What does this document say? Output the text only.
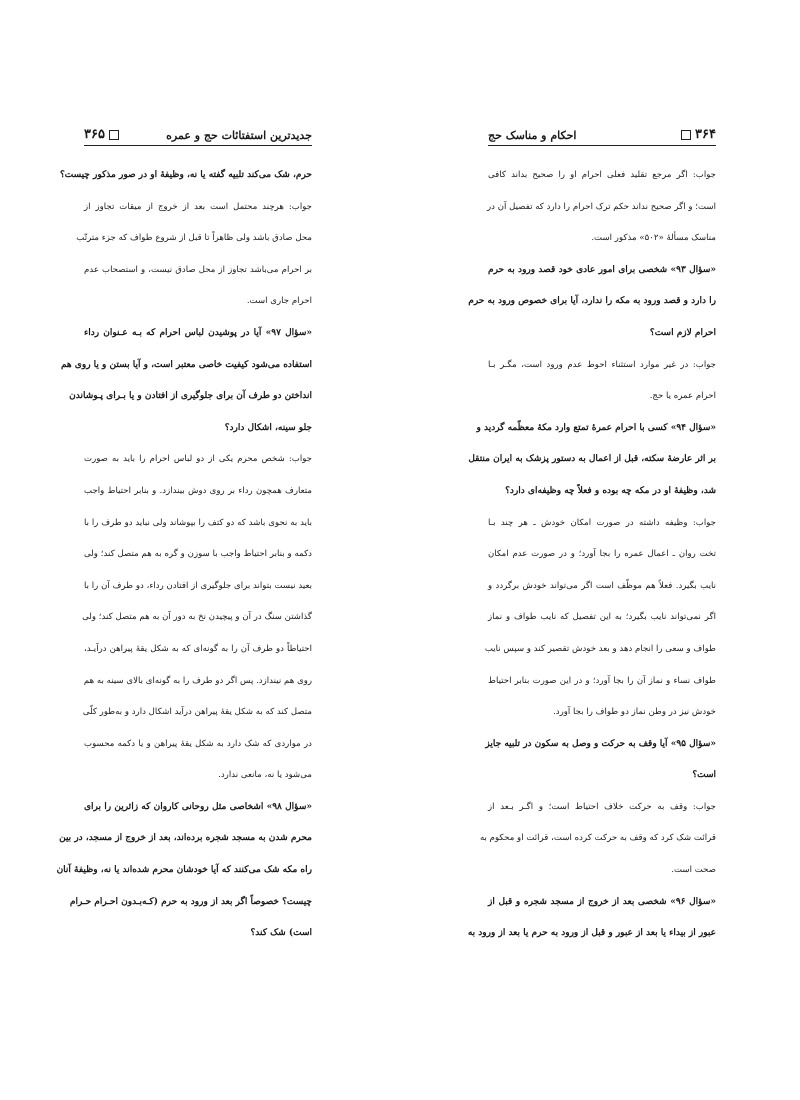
جدیدترین استفتائات حج و عمره
۳۶۵
حرم، شک می‌کند تلبیه گفته یا نه، وظیفهٔ او در صور مذکور چیست؟
جواب: هرچند محتمل است بعد از خروج از میقات تجاوز از
محل صادق باشد ولی ظاهراً تا قبل از شروع طواف که جزء مترتّب
بر احرام می‌باشد تجاوز از محل صادق نیست، و استصحاب عدم
احرام جاری است.
«سؤال ۹۷» آیا در پوشیدن لباس احرام که بـه عـنوان رداء
استفاده می‌شود کیفیت خاصی معتبر است، و آیا بستن و یا روی هم
انداختن دو طرف آن برای جلوگیری از افتادن و یا بـرای پـوشاندن
جلو سینه، اشکال دارد؟
جواب: شخص محرم یکی از دو لباس احرام را باید به صورت
متعارف همچون رداء بر روی دوش بیندازد. و بنابر احتیاط واجب
باید به نحوی باشد که دو کتف را بپوشاند ولی نباید دو طرف را با
دکمه و بنابر احتیاط واجب با سوزن و گره به هم متصل کند؛ ولی
بعید نیست بتواند برای جلوگیری از افتادن رداء، دو طرف آن را با
گذاشتن سنگ در آن و پیچیدن نخ به دور آن به هم متصل کند؛ ولی
احتیاطاً دو طرف آن را به گونه‌ای که به شکل یقهٔ پیراهن درآیـد،
روی هم نیندازد. پس اگر دو طرف را به گونه‌ای بالای سینه به هم
متصل کند که به شکل یقهٔ پیراهن درآید اشکال دارد و به‌طور کلّی
در مواردی که شک دارد به شکل یقهٔ پیراهن و یا دکمه محسوب
می‌شود یا نه، مانعی ندارد.
«سؤال ۹۸» اشخاصی مثل روحانی کاروان که زائرین را برای
محرم شدن به مسجد شجره برده‌اند، بعد از خروج از مسجد، در بین
راه مکه شک می‌کنند که آیا خودشان محرم شده‌اند یا نه، وظیفهٔ آنان
چیست؟ خصوصاً اگر بعد از ورود به حرم (کـه‌بـدون احـرام حـرام
است) شک کند؟
۳۶۴
احکام و مناسک حج
جواب: اگر مرجع تقلید فعلی احرام او را صحیح بداند کافی
است؛ و اگر صحیح نداند حکم ترک احرام را دارد که تفصیل آن در
مناسک مسألهٔ «۵۰۲» مذکور است.
«سؤال ۹۳» شخصی برای امور عادی خود قصد ورود به حرم
را دارد و قصد ورود به مکه را ندارد، آیا برای خصوص ورود به حرم
احرام لازم است؟
جواب: در غیر موارد استثناء احوط عدم ورود است، مگـر بـا
احرام عمره یا حج.
«سؤال ۹۴» کسی با احرام عمرهٔ تمتع وارد مکهٔ معظّمه گردید و
بر اثر عارضهٔ سکته، قبل از اعمال به دستور پزشک به ایران منتقل
شد، وظیفهٔ او در مکه چه بوده و فعلاً چه وظیفه‌ای دارد؟
جواب: وظیفه داشته در صورت امکان خودش ـ هر چند بـا
تخت روان ـ اعمال عمره را بجا آورد؛ و در صورت عدم امکان
نایب بگیرد. فعلاً هم موظّف است اگر می‌تواند خودش برگردد و
اگر نمی‌تواند نایب بگیرد؛ به این تفصیل که نایب طواف و نماز
طواف و سعی را انجام دهد و بعد خودش تقصیر کند و سپس نایب
طواف نساء و نماز آن را بجا آورد؛ و در این صورت بنابر احتیاط
خودش نیز در وطن نماز دو طواف را بجا آورد.
«سؤال ۹۵» آیا وقف به حرکت و وصل به سکون در تلبیه جایز
است؟
جواب: وقف به حرکت خلاف احتیاط است؛ و اگـر بـعد از
قرائت شک کرد که وقف به حرکت کرده است، قرائت او محکوم به
صحت است.
«سؤال ۹۶» شخصی بعد از خروج از مسجد شجره و قبل از
عبور از بیداء یا بعد از عبور و قبل از ورود به حرم یا بعد از ورود به
